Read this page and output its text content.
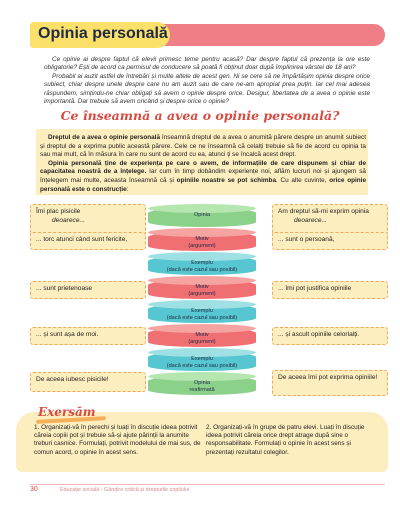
Opinia personală

Ce opinie ai despre faptul că elevii primesc teme pentru acasă? Dar despre faptul că prezența la ore este obligatorie? Ești de acord ca permisul de conducere să poată fi obținut doar după împlinirea vârstei de 18 ani?

Probabil ai auzit astfel de întrebări și multe altele de acest gen. Ni se cere să ne împărtășim opinia despre orice subiect, chiar despre unele despre care nu am auzit sau de care ne-am apropiat prea puțin. Iar cel mai adesea răspundem, simțindu-ne chiar obligați să avem o opinie despre orice. Desigur, libertatea de a avea o opinie este importantă. Dar trebuie să avem oricând și despre orice o opinie?

Ce înseamnă a avea o opinie personală?

Dreptul de a avea o opinie personală înseamnă dreptul de a avea o anumită părere despre un anumit subiect și dreptul de a exprima public această părere. Cele ce ne înseamnă că celalți trebuie să fie de acord cu opinia ta sau mai mult, că în măsura în care nu sunt de acord cu ea, atunci ți se încalcă acest drept.

Opinia personală ține de experiența pe care o avem, de informațiile de care dispunem și chiar de capacitatea noastră de a înțelege. Iar cum în timp dobândim experiențe noi, aflăm lucruri noi și ajungem să înțelegem mai multe, aceasta înseamnă că și opiniile noastre se pot schimba. Cu alte cuvinte, orice opinie personală este o construcție:

Îmi plac pisicile
deoarece...
... torc atunci când sunt fericite,
... sunt prietenoase
... și sunt așa de moi.
De aceea iubesc pisicile!
Am dreptul să-mi exprim opinia
deoarece...
... sunt o persoană,
... îmi pot justifica opiniile
... și ascult opiniile celorlalți.
De aceea îmi pot exprima opiniile!
Opinia

Motiv
(argument)
Exemplu
(dacă este cazul sau posibil)
Motiv
(argument)
Exemplu
(dacă este cazul sau posibil)
Motiv
(argument)
Exemplu
(dacă este cazul sau posibil)
Opinia
reafirmată
Exersăm
1. Organizați-vă în perechi și luați în discuție ideea potrivit căreia copiii pot și trebuie să-și ajute părinții la anumite treburi casnice. Formulați, potrivit modelului de mai sus, de comun acord, o opinie în acest sens.
2. Organizați-vă în grupe de patru elevi. Luați în discuție ideea potrivit căreia orice drept atrage după sine o responsabilitate. Formulați o opinie în acest sens și prezentați rezultatul colegilor.
30	Educație socială - Gândire critică și drepturile copilului
